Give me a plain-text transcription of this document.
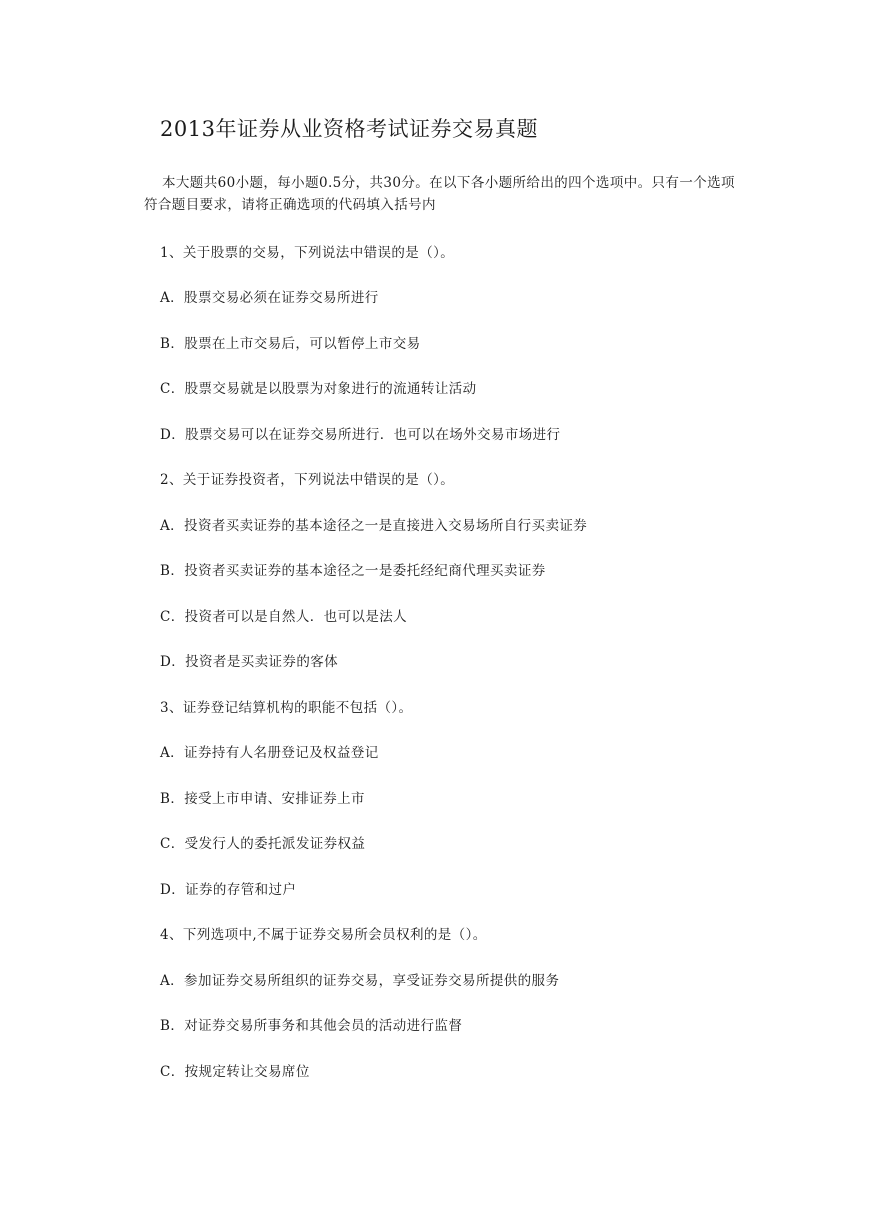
2013年证券从业资格考试证券交易真题
本大题共60小题，每小题0.5分，共30分。在以下各小题所给出的四个选项中。只有一个选项符合题目要求，请将正确选项的代码填入括号内
1、关于股票的交易，下列说法中错误的是（）。
A．股票交易必须在证券交易所进行
B．股票在上市交易后，可以暂停上市交易
C．股票交易就是以股票为对象进行的流通转让活动
D．股票交易可以在证券交易所进行．也可以在场外交易市场进行
2、关于证券投资者，下列说法中错误的是（）。
A．投资者买卖证券的基本途径之一是直接进入交易场所自行买卖证券
B．投资者买卖证券的基本途径之一是委托经纪商代理买卖证券
C．投资者可以是自然人．也可以是法人
D．投资者是买卖证券的客体
3、证券登记结算机构的职能不包括（）。
A．证券持有人名册登记及权益登记
B．接受上市申请、安排证券上市
C．受发行人的委托派发证券权益
D．证券的存管和过户
4、下列选项中,不属于证券交易所会员权利的是（）。
A．参加证券交易所组织的证券交易，享受证券交易所提供的服务
B．对证券交易所事务和其他会员的活动进行监督
C．按规定转让交易席位
